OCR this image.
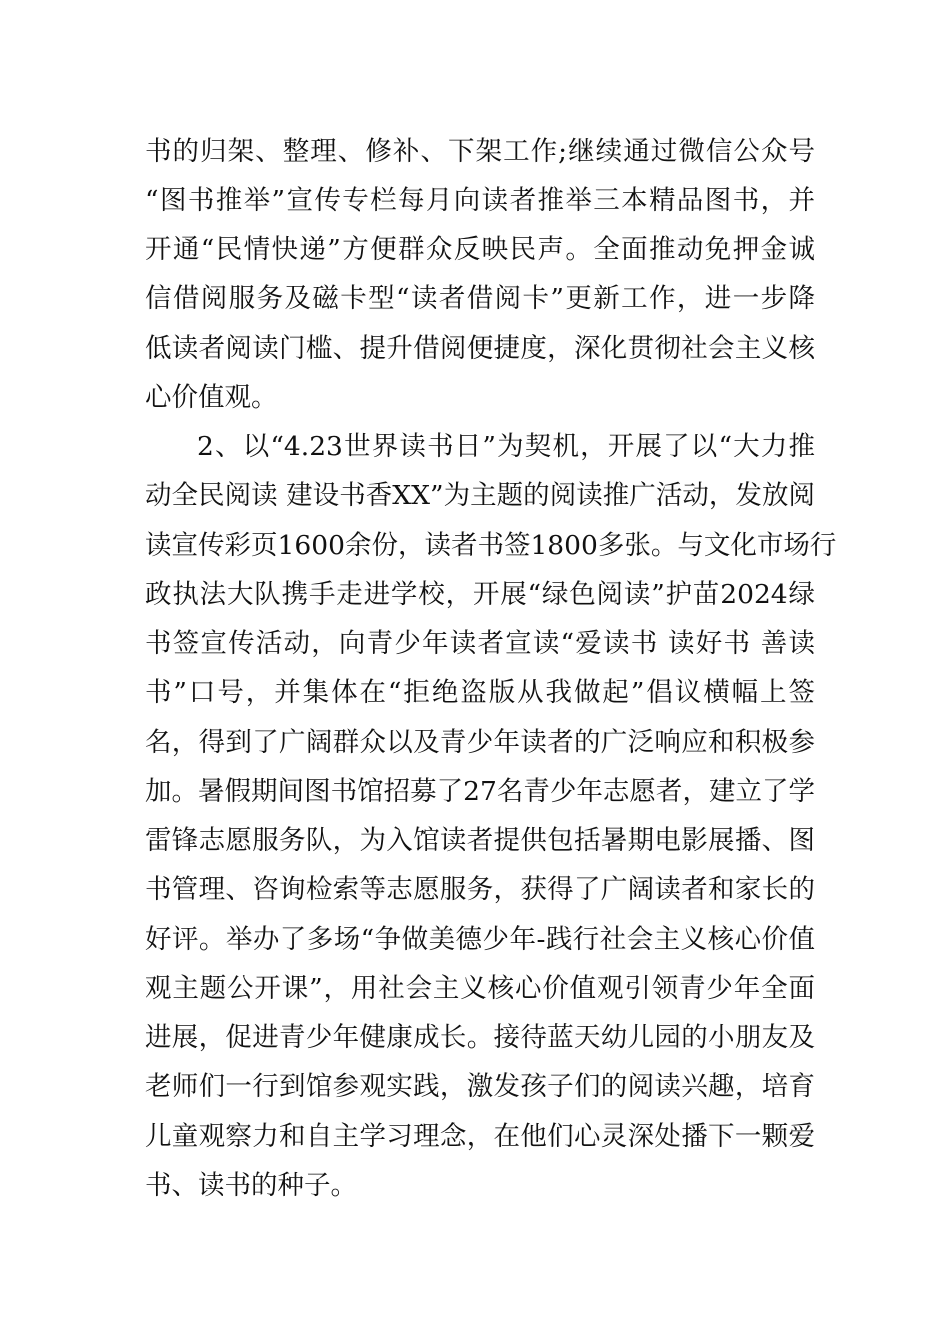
书的归架、整理、修补、下架工作;继续通过微信公众号
“图书推举”宣传专栏每月向读者推举三本精品图书，并
开通“民情快递”方便群众反映民声。全面推动免押金诚
信借阅服务及磁卡型“读者借阅卡”更新工作，进一步降
低读者阅读门槛、提升借阅便捷度，深化贯彻社会主义核
心价值观。
2、以“4.23世界读书日”为契机，开展了以“大力推
动全民阅读 建设书香XX”为主题的阅读推广活动，发放阅
读宣传彩页1600余份，读者书签1800多张。与文化市场行
政执法大队携手走进学校，开展“绿色阅读”护苗2024绿
书签宣传活动，向青少年读者宣读“爱读书 读好书 善读
书”口号，并集体在“拒绝盗版从我做起”倡议横幅上签
名，得到了广阔群众以及青少年读者的广泛响应和积极参
加。暑假期间图书馆招募了27名青少年志愿者，建立了学
雷锋志愿服务队，为入馆读者提供包括暑期电影展播、图
书管理、咨询检索等志愿服务，获得了广阔读者和家长的
好评。举办了多场“争做美德少年-践行社会主义核心价值
观主题公开课”，用社会主义核心价值观引领青少年全面
进展，促进青少年健康成长。接待蓝天幼儿园的小朋友及
老师们一行到馆参观实践，激发孩子们的阅读兴趣，培育
儿童观察力和自主学习理念，在他们心灵深处播下一颗爱
书、读书的种子。
